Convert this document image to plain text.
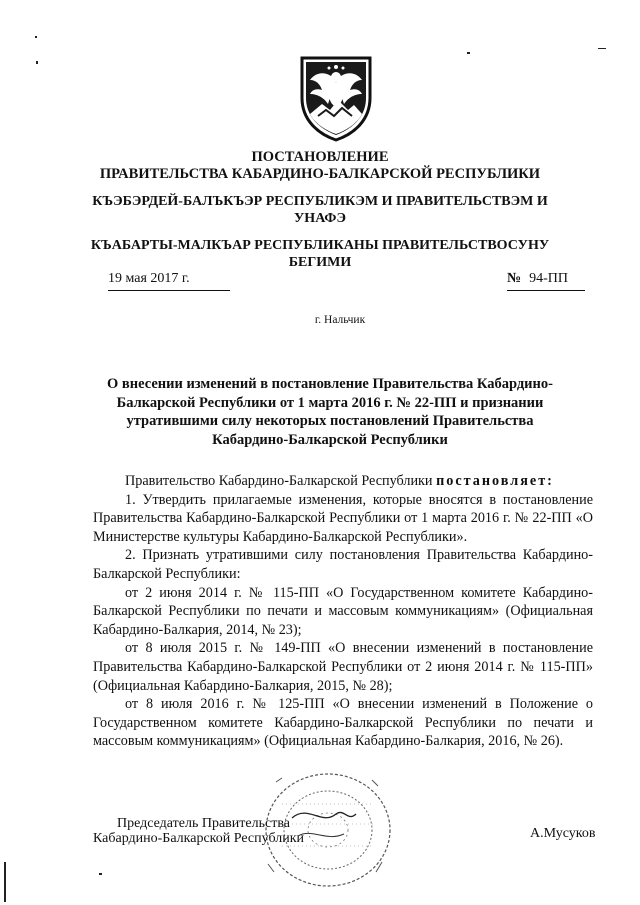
ПОСТАНОВЛЕНИЕ
ПРАВИТЕЛЬСТВА КАБАРДИНО-БАЛКАРСКОЙ РЕСПУБЛИКИ
КЪЭБЭРДЕЙ-БАЛЪКЪЭР РЕСПУБЛИКЭМ И ПРАВИТЕЛЬСТВЭМ И
УНАФЭ
КЪАБАРТЫ-МАЛКЪАР РЕСПУБЛИКАНЫ ПРАВИТЕЛЬСТВОСУНУ
БЕГИМИ
19 мая 2017 г.	№ 94-ПП
г. Нальчик
О внесении изменений в постановление Правительства Кабардино-
Балкарской Республики от 1 марта 2016 г. № 22-ПП и признании
утратившими силу некоторых постановлений Правительства
Кабардино-Балкарской Республики

Правительство Кабардино-Балкарской Республики постановляет:

1. Утвердить прилагаемые изменения, которые вносятся в постановление Правительства Кабардино-Балкарской Республики от 1 марта 2016 г. № 22-ПП «О Министерстве культуры Кабардино-Балкарской Республики».

2. Признать утратившими силу постановления Правительства Кабардино-Балкарской Республики:

от 2 июня 2014 г. № 115-ПП «О Государственном комитете Кабардино-Балкарской Республики по печати и массовым коммуникациям» (Официальная Кабардино-Балкария, 2014, № 23);

от 8 июля 2015 г. № 149-ПП «О внесении изменений в постановление Правительства Кабардино-Балкарской Республики от 2 июня 2014 г. № 115-ПП» (Официальная Кабардино-Балкария, 2015, № 28);

от 8 июля 2016 г. № 125-ПП «О внесении изменений в Положение о Государственном комитете Кабардино-Балкарской Республики по печати и массовым коммуникациям» (Официальная Кабардино-Балкария, 2016, № 26).

Председатель Правительства
Кабардино-Балкарской Республики	А.Мусуков
